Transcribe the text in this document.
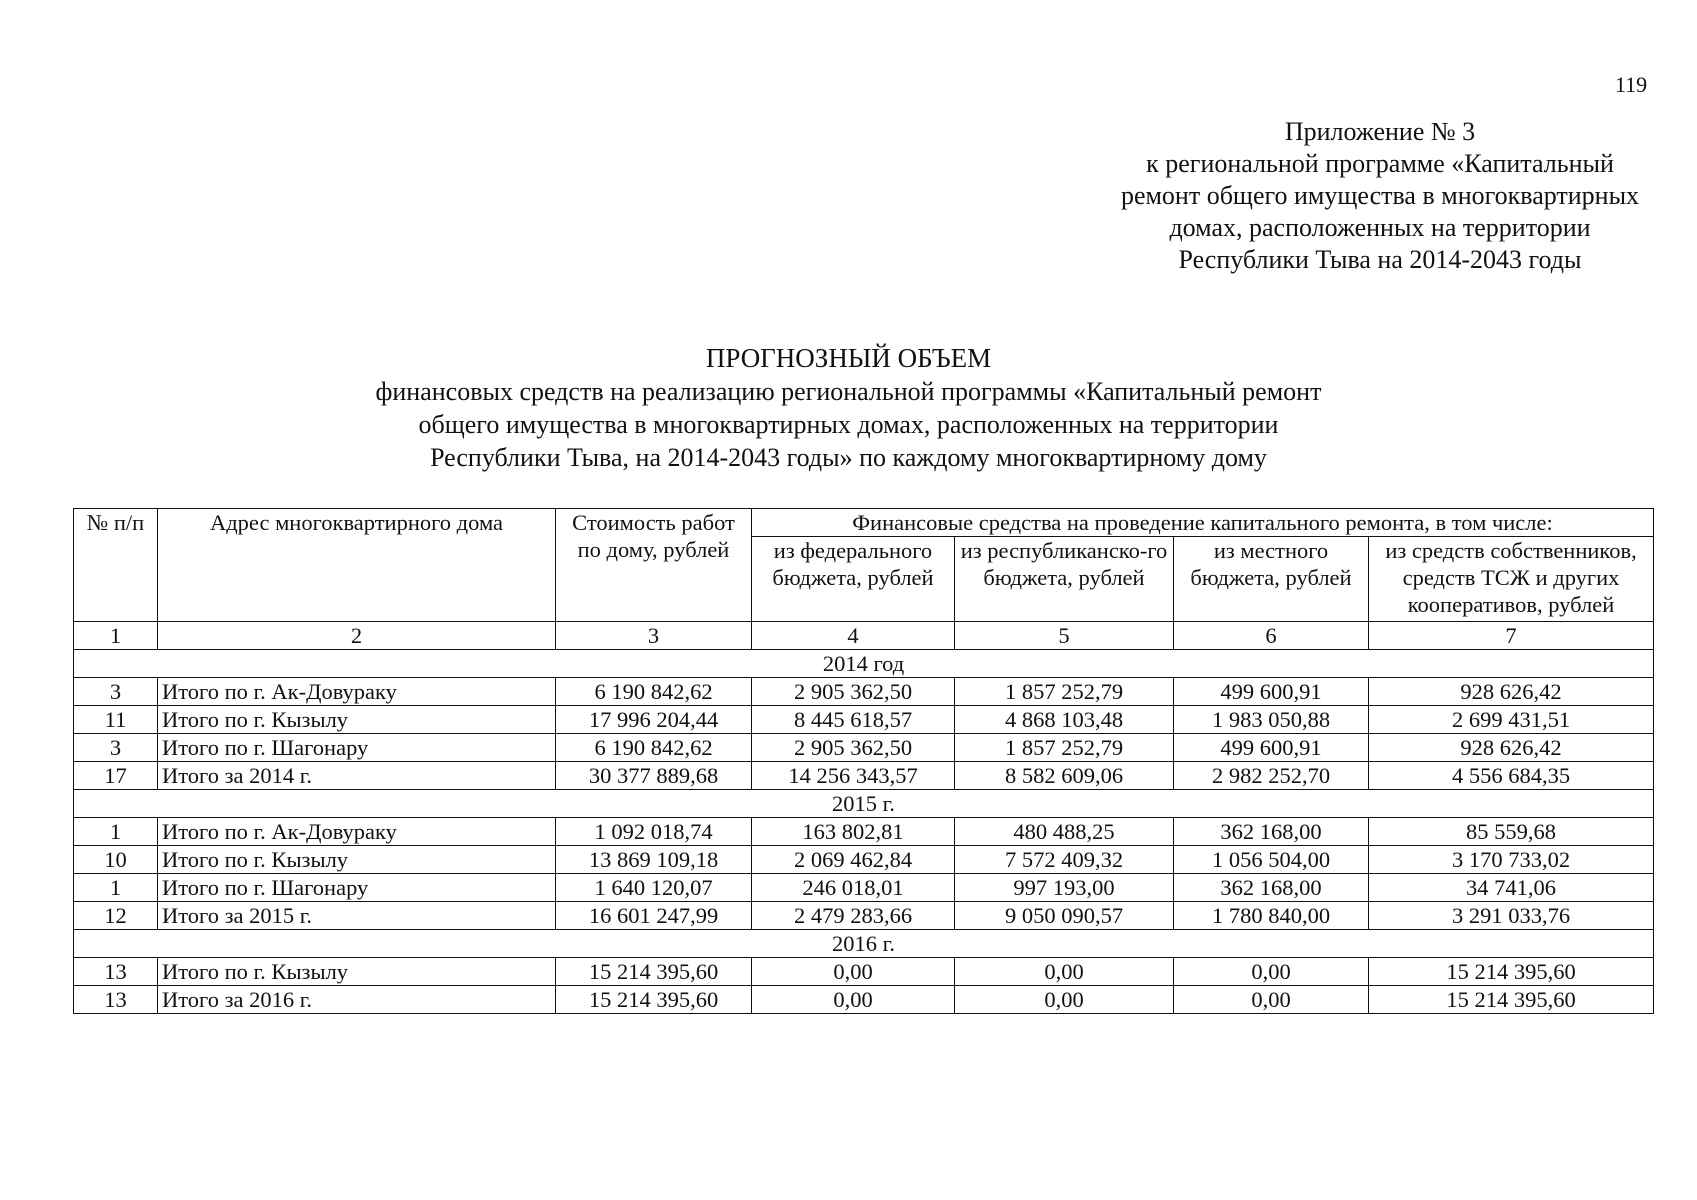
119
Приложение № 3
к региональной программе «Капитальный
ремонт общего имущества в многоквартирных
домах, расположенных на территории
Республики Тыва на 2014-2043 годы
ПРОГНОЗНЫЙ ОБЪЕМ
финансовых средств на реализацию региональной программы «Капитальный ремонт
общего имущества в многоквартирных домах, расположенных на территории
Республики Тыва, на 2014-2043 годы» по каждому многоквартирному дому
№ п/п	Адрес многоквартирного дома	Стоимость работ по дому, рублей	Финансовые средства на проведение капитального ремонта, в том числе:			
			из федерального бюджета, рублей	из республиканско-го бюджета, рублей	из местного бюджета, рублей	из средств собственников, средств ТСЖ и других кооперативов, рублей
1	2	3	4	5	6	7
2014 год						
3	Итого по г. Ак-Довураку	6 190 842,62	2 905 362,50	1 857 252,79	499 600,91	928 626,42
11	Итого по г. Кызылу	17 996 204,44	8 445 618,57	4 868 103,48	1 983 050,88	2 699 431,51
3	Итого по г. Шагонару	6 190 842,62	2 905 362,50	1 857 252,79	499 600,91	928 626,42
17	Итого за 2014 г.	30 377 889,68	14 256 343,57	8 582 609,06	2 982 252,70	4 556 684,35
2015 г.						
1	Итого по г. Ак-Довураку	1 092 018,74	163 802,81	480 488,25	362 168,00	85 559,68
10	Итого по г. Кызылу	13 869 109,18	2 069 462,84	7 572 409,32	1 056 504,00	3 170 733,02
1	Итого по г. Шагонару	1 640 120,07	246 018,01	997 193,00	362 168,00	34 741,06
12	Итого за 2015 г.	16 601 247,99	2 479 283,66	9 050 090,57	1 780 840,00	3 291 033,76
2016 г.						
13	Итого по г. Кызылу	15 214 395,60	0,00	0,00	0,00	15 214 395,60
13	Итого за 2016 г.	15 214 395,60	0,00	0,00	0,00	15 214 395,60
